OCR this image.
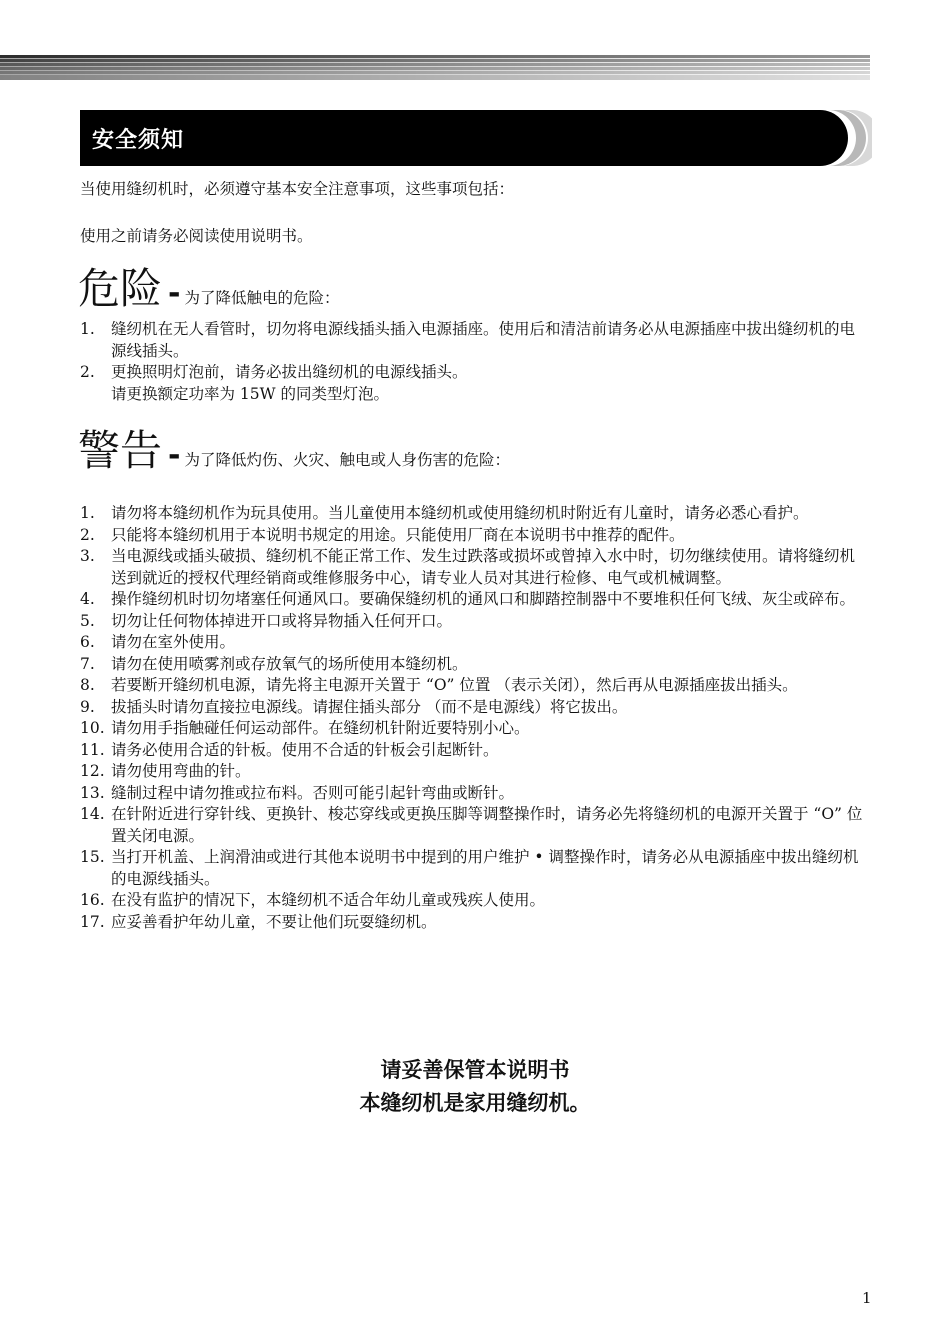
安全须知
当使用缝纫机时，必须遵守基本安全注意事项，这些事项包括：
使用之前请务必阅读使用说明书。
危险 - 为了降低触电的危险：
1. 缝纫机在无人看管时，切勿将电源线插头插入电源插座。使用后和清洁前请务必从电源插座中拔出缝纫机的电源线插头。
2. 更换照明灯泡前，请务必拔出缝纫机的电源线插头。
请更换额定功率为 15W 的同类型灯泡。
警告 - 为了降低灼伤、火灾、触电或人身伤害的危险：
1. 请勿将本缝纫机作为玩具使用。当儿童使用本缝纫机或使用缝纫机时附近有儿童时，请务必悉心看护。
2. 只能将本缝纫机用于本说明书规定的用途。只能使用厂商在本说明书中推荐的配件。
3. 当电源线或插头破损、缝纫机不能正常工作、发生过跌落或损坏或曾掉入水中时，切勿继续使用。请将缝纫机送到就近的授权代理经销商或维修服务中心，请专业人员对其进行检修、电气或机械调整。
4. 操作缝纫机时切勿堵塞任何通风口。要确保缝纫机的通风口和脚踏控制器中不要堆积任何飞绒、灰尘或碎布。
5. 切勿让任何物体掉进开口或将异物插入任何开口。
6. 请勿在室外使用。
7. 请勿在使用喷雾剂或存放氧气的场所使用本缝纫机。
8. 若要断开缝纫机电源，请先将主电源开关置于 “O” 位置 （表示关闭），然后再从电源插座拔出插头。
9. 拔插头时请勿直接拉电源线。请握住插头部分 （而不是电源线）将它拔出。
10. 请勿用手指触碰任何运动部件。在缝纫机针附近要特别小心。
11. 请务必使用合适的针板。使用不合适的针板会引起断针。
12. 请勿使用弯曲的针。
13. 缝制过程中请勿推或拉布料。否则可能引起针弯曲或断针。
14. 在针附近进行穿针线、更换针、梭芯穿线或更换压脚等调整操作时，请务必先将缝纫机的电源开关置于 “O” 位置关闭电源。
15. 当打开机盖、上润滑油或进行其他本说明书中提到的用户维护 • 调整操作时，请务必从电源插座中拔出缝纫机的电源线插头。
16. 在没有监护的情况下，本缝纫机不适合年幼儿童或残疾人使用。
17. 应妥善看护年幼儿童，不要让他们玩耍缝纫机。
请妥善保管本说明书
本缝纫机是家用缝纫机。
1
